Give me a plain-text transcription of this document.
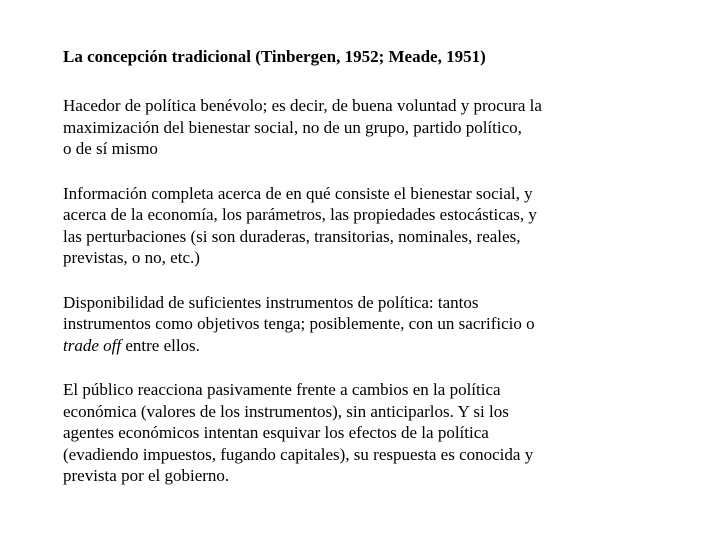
La concepción tradicional (Tinbergen, 1952; Meade, 1951)
Hacedor de política benévolo; es decir, de buena voluntad y procura la
maximización del bienestar social, no de un grupo, partido político,
o de sí mismo
Información completa acerca de en qué consiste el bienestar social, y
acerca de la economía, los parámetros, las propiedades estocásticas, y
las perturbaciones (si son duraderas, transitorias, nominales, reales,
previstas, o no, etc.)
Disponibilidad de suficientes instrumentos de política: tantos
instrumentos como objetivos tenga; posiblemente, con un sacrificio o
trade off entre ellos.
El público reacciona pasivamente frente a cambios en la política
económica (valores de los instrumentos), sin anticiparlos. Y si los
agentes económicos intentan esquivar los efectos de la política
(evadiendo impuestos, fugando capitales), su respuesta es conocida y
prevista por el gobierno.
